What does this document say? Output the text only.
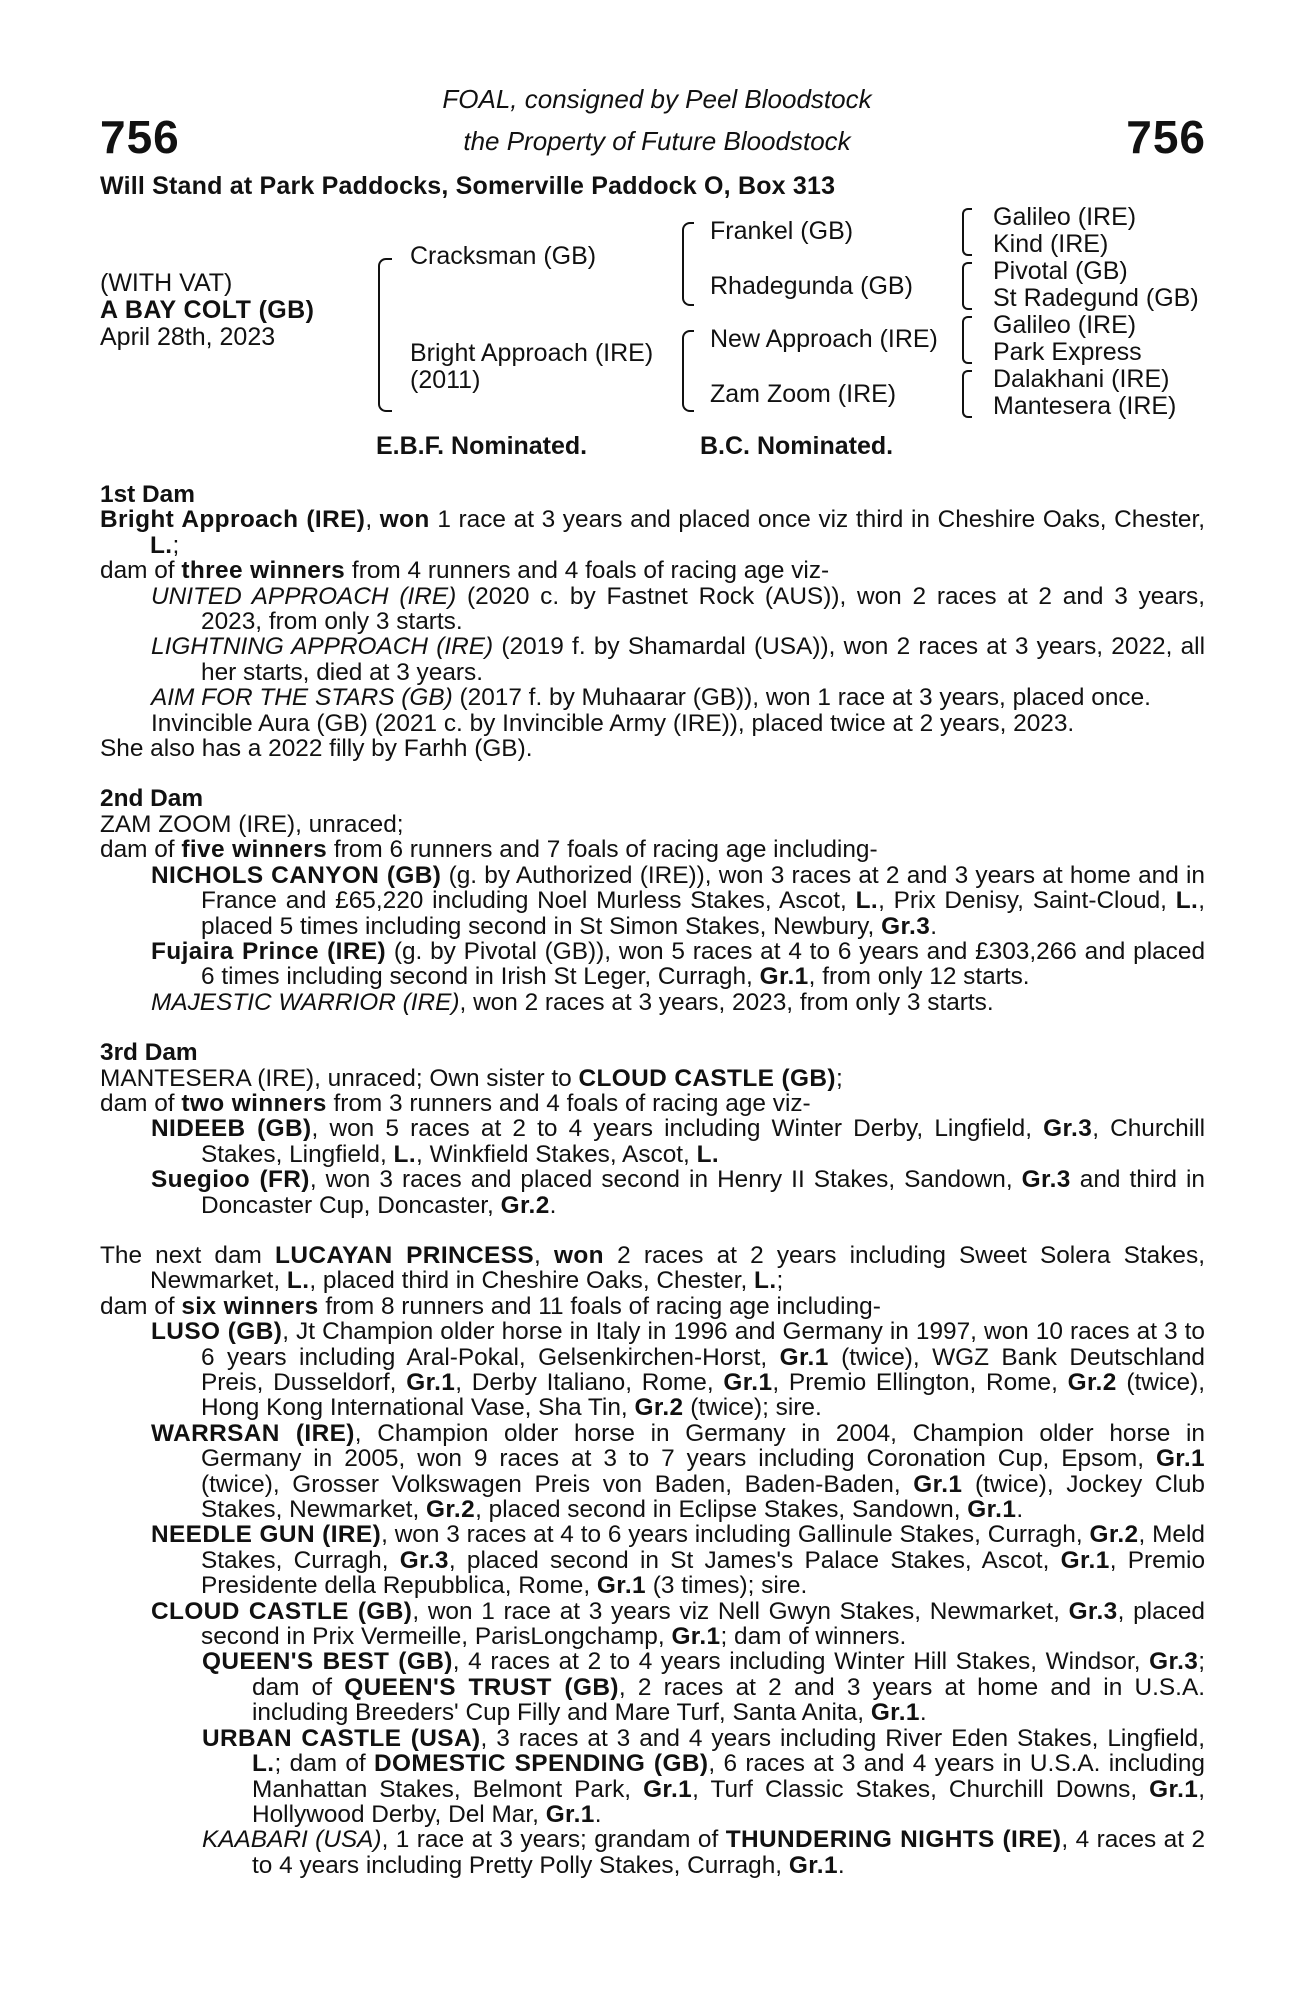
756	756
FOAL, consigned by Peel Bloodstock
the Property of Future Bloodstock
Will Stand at Park Paddocks, Somerville Paddock O, Box 313
(WITH VAT)
A BAY COLT (GB)
April 28th, 2023
Cracksman (GB)
Bright Approach (IRE)
(2011)
Frankel (GB)
Rhadegunda (GB)
New Approach (IRE)
Zam Zoom (IRE)
Galileo (IRE)
Kind (IRE)
Pivotal (GB)
St Radegund (GB)
Galileo (IRE)
Park Express
Dalakhani (IRE)
Mantesera (IRE)
E.B.F. Nominated.	B.C. Nominated.

1st Dam

Bright Approach (IRE), won 1 race at 3 years and placed once viz third in Cheshire Oaks, Chester, L.;

dam of three winners from 4 runners and 4 foals of racing age viz-

UNITED APPROACH (IRE) (2020 c. by Fastnet Rock (AUS)), won 2 races at 2 and 3 years, 2023, from only 3 starts.

LIGHTNING APPROACH (IRE) (2019 f. by Shamardal (USA)), won 2 races at 3 years, 2022, all her starts, died at 3 years.

AIM FOR THE STARS (GB) (2017 f. by Muhaarar (GB)), won 1 race at 3 years, placed once.

Invincible Aura (GB) (2021 c. by Invincible Army (IRE)), placed twice at 2 years, 2023.

She also has a 2022 filly by Farhh (GB).

2nd Dam

ZAM ZOOM (IRE), unraced;

dam of five winners from 6 runners and 7 foals of racing age including-

NICHOLS CANYON (GB) (g. by Authorized (IRE)), won 3 races at 2 and 3 years at home and in France and £65,220 including Noel Murless Stakes, Ascot, L., Prix Denisy, Saint-Cloud, L., placed 5 times including second in St Simon Stakes, Newbury, Gr.3.

Fujaira Prince (IRE) (g. by Pivotal (GB)), won 5 races at 4 to 6 years and £303,266 and placed 6 times including second in Irish St Leger, Curragh, Gr.1, from only 12 starts.

MAJESTIC WARRIOR (IRE), won 2 races at 3 years, 2023, from only 3 starts.

3rd Dam

MANTESERA (IRE), unraced; Own sister to CLOUD CASTLE (GB);

dam of two winners from 3 runners and 4 foals of racing age viz-

NIDEEB (GB), won 5 races at 2 to 4 years including Winter Derby, Lingfield, Gr.3, Churchill Stakes, Lingfield, L., Winkfield Stakes, Ascot, L.

Suegioo (FR), won 3 races and placed second in Henry II Stakes, Sandown, Gr.3 and third in Doncaster Cup, Doncaster, Gr.2.

The next dam LUCAYAN PRINCESS, won 2 races at 2 years including Sweet Solera Stakes, Newmarket, L., placed third in Cheshire Oaks, Chester, L.;

dam of six winners from 8 runners and 11 foals of racing age including-

LUSO (GB), Jt Champion older horse in Italy in 1996 and Germany in 1997, won 10 races at 3 to 6 years including Aral-Pokal, Gelsenkirchen-Horst, Gr.1 (twice), WGZ Bank Deutschland Preis, Dusseldorf, Gr.1, Derby Italiano, Rome, Gr.1, Premio Ellington, Rome, Gr.2 (twice), Hong Kong International Vase, Sha Tin, Gr.2 (twice); sire.

WARRSAN (IRE), Champion older horse in Germany in 2004, Champion older horse in Germany in 2005, won 9 races at 3 to 7 years including Coronation Cup, Epsom, Gr.1 (twice), Grosser Volkswagen Preis von Baden, Baden-Baden, Gr.1 (twice), Jockey Club Stakes, Newmarket, Gr.2, placed second in Eclipse Stakes, Sandown, Gr.1.

NEEDLE GUN (IRE), won 3 races at 4 to 6 years including Gallinule Stakes, Curragh, Gr.2, Meld Stakes, Curragh, Gr.3, placed second in St James's Palace Stakes, Ascot, Gr.1, Premio Presidente della Repubblica, Rome, Gr.1 (3 times); sire.

CLOUD CASTLE (GB), won 1 race at 3 years viz Nell Gwyn Stakes, Newmarket, Gr.3, placed second in Prix Vermeille, ParisLongchamp, Gr.1; dam of winners.

QUEEN'S BEST (GB), 4 races at 2 to 4 years including Winter Hill Stakes, Windsor, Gr.3; dam of QUEEN'S TRUST (GB), 2 races at 2 and 3 years at home and in U.S.A. including Breeders' Cup Filly and Mare Turf, Santa Anita, Gr.1.

URBAN CASTLE (USA), 3 races at 3 and 4 years including River Eden Stakes, Lingfield, L.; dam of DOMESTIC SPENDING (GB), 6 races at 3 and 4 years in U.S.A. including Manhattan Stakes, Belmont Park, Gr.1, Turf Classic Stakes, Churchill Downs, Gr.1, Hollywood Derby, Del Mar, Gr.1.

KAABARI (USA), 1 race at 3 years; grandam of THUNDERING NIGHTS (IRE), 4 races at 2 to 4 years including Pretty Polly Stakes, Curragh, Gr.1.
